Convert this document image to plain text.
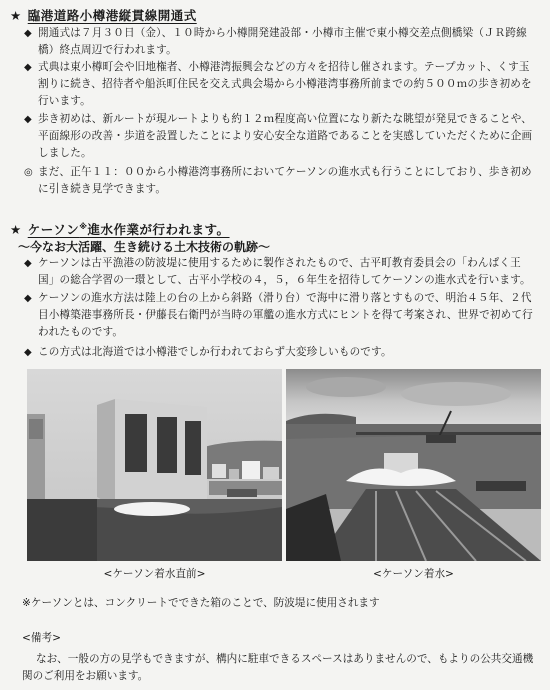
★ 臨港道路小樽港縦貫線開通式
◆ 開通式は７月３０日（金）、１０時から小樽開発建設部・小樽市主催で東小樽交差点側橋梁（ＪＲ跨線橋）終点周辺で行われます。
◆ 式典は東小樽町会や旧地権者、小樽港湾振興会などの方々を招待し催されます。テープカット、くす玉割りに続き、招待者や船浜町住民を交え式典会場から小樽港湾事務所前までの約５００ｍの歩き初めを行います。
◆ 歩き初めは、新ルートが現ルートよりも約１２ｍ程度高い位置になり新たな眺望が発見できることや、平面線形の改善・歩道を設置したことにより安心安全な道路であることを実感していただくために企画しました。
◎ まだ、正午１１：００から小樽港湾事務所においてケーソンの進水式も行うことにしており、歩き初めに引き続き見学できます。
★ ケーソン※進水作業が行われます。
～今なお大活躍、生き続ける土木技術の軌跡～
◆ ケーソンは古平漁港の防波堤に使用するために製作されたもので、古平町教育委員会の「わんぱく王国」の総合学習の一環として、古平小学校の４，５，６年生を招待してケーソンの進水式を行います。
◆ ケーソンの進水方法は陸上の台の上から斜路（滑り台）で海中に滑り落とすもので、明治４５年、２代目小樽築港事務所長・伊藤長右衛門が当時の軍艦の進水方式にヒントを得て考案され、世界で初めて行われたものです。
◆ この方式は北海道では小樽港でしか行われておらず大変珍しいものです。
<ケーソン着水直前>	<ケーソン着水>
※ケーソンとは、コンクリートでできた箱のことで、防波堤に使用されます
<備考>
なお、一般の方の見学もできますが、構内に駐車できるスペースはありませんので、もよりの公共交通機関のご利用をお願います。
